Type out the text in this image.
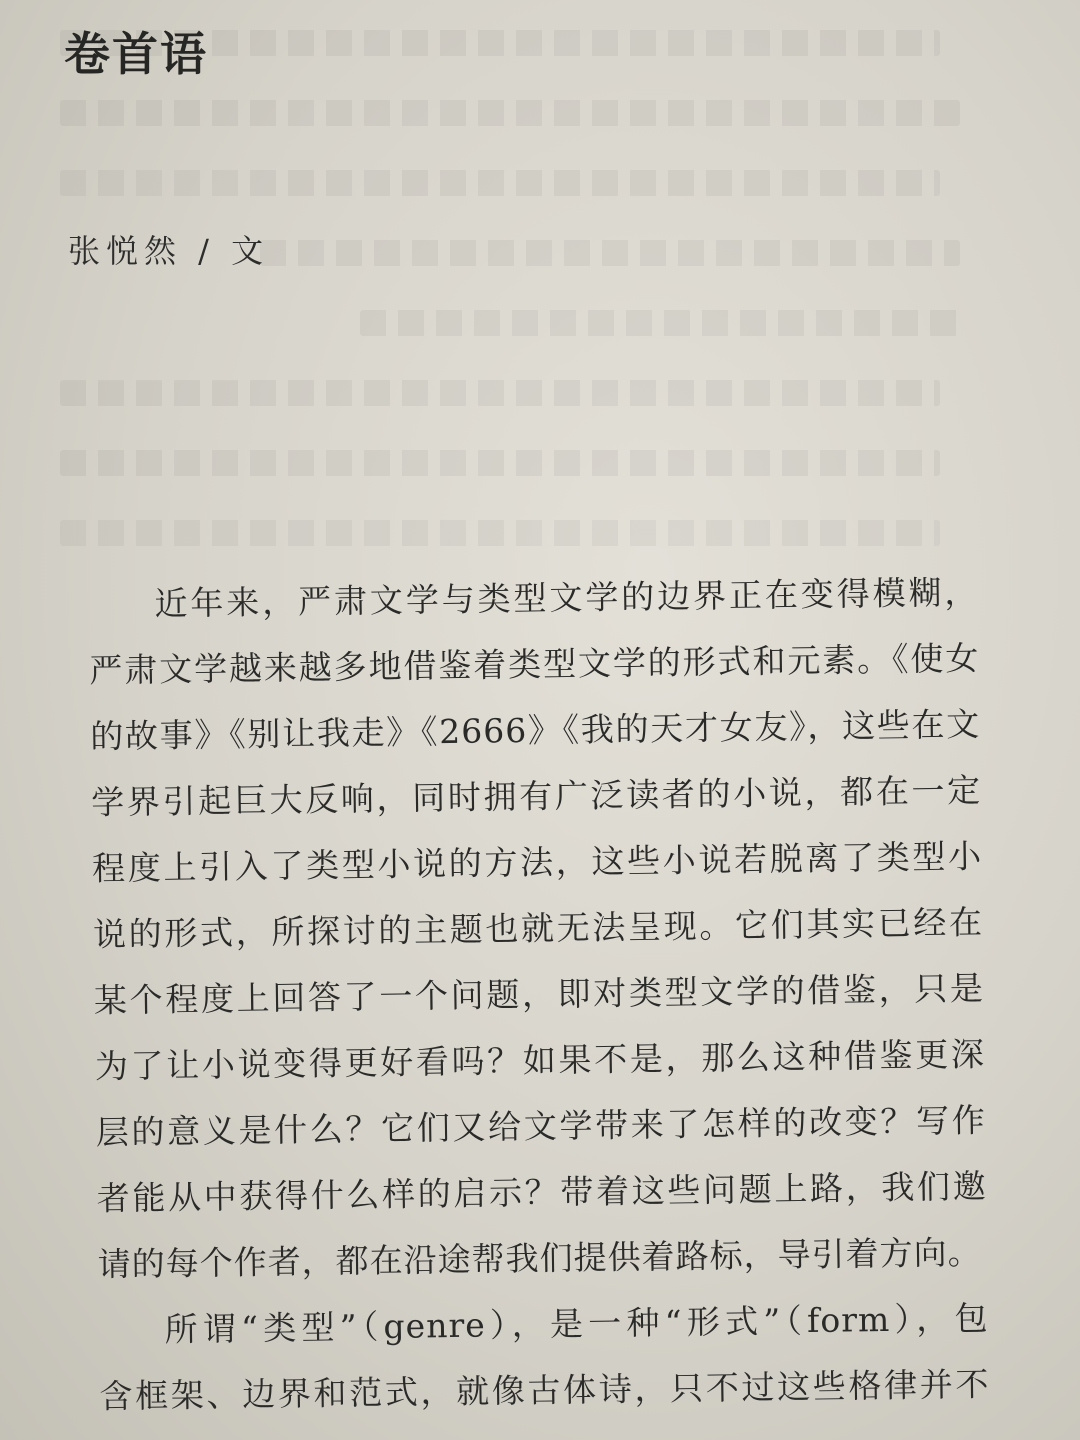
卷首语

张悦然 / 文

近年来，严肃文学与类型文学的边界正在变得模糊，
严肃文学越来越多地借鉴着类型文学的形式和元素。《使女
的故事》《别让我走》《2666》《我的天才女友》，这些在文
学界引起巨大反响，同时拥有广泛读者的小说，都在一定
程度上引入了类型小说的方法，这些小说若脱离了类型小
说的形式，所探讨的主题也就无法呈现。它们其实已经在
某个程度上回答了一个问题，即对类型文学的借鉴，只是
为了让小说变得更好看吗？如果不是，那么这种借鉴更深
层的意义是什么？它们又给文学带来了怎样的改变？写作
者能从中获得什么样的启示？带着这些问题上路，我们邀
请的每个作者，都在沿途帮我们提供着路标，导引着方向。
所谓“类型”（genre），是一种“形式”（form），包
含框架、边界和范式，就像古体诗，只不过这些格律并不
